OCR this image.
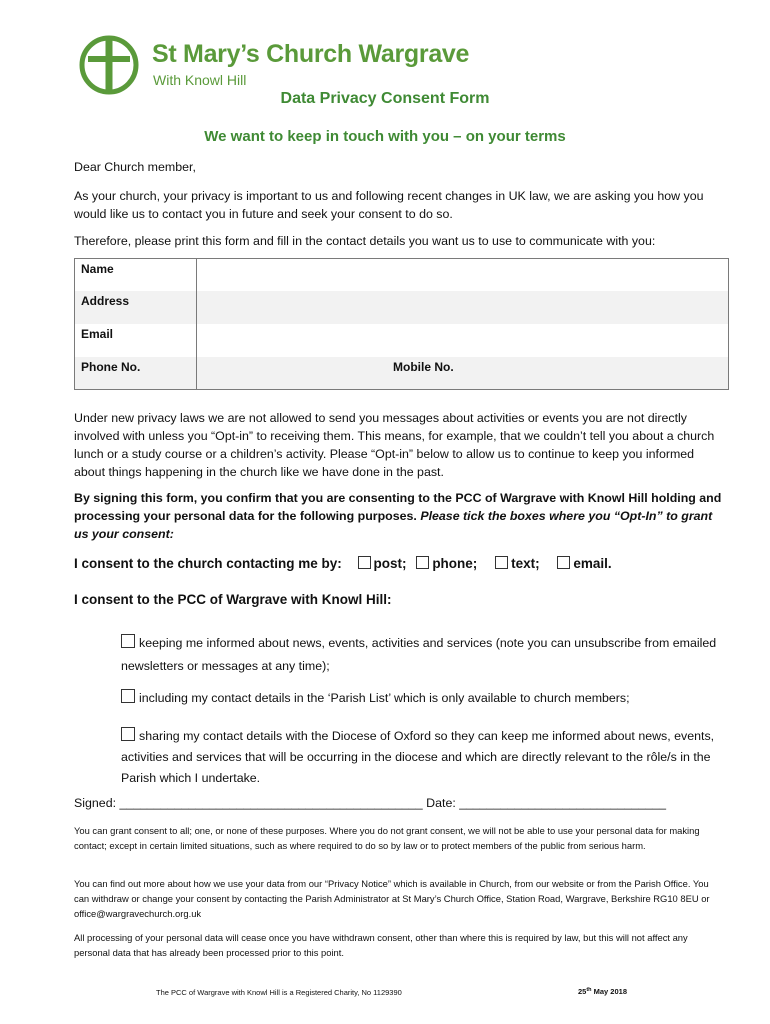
St Mary’s Church Wargrave
With Knowl Hill
Data Privacy Consent Form
We want to keep in touch with you – on your terms
Dear Church member,
As your church, your privacy is important to us and following recent changes in UK law, we are asking you how you would like us to contact you in future and seek your consent to do so.
Therefore, please print this form and fill in the contact details you want us to use to communicate with you:
Name	
Address	
Email	
Phone No.	Mobile No.
Under new privacy laws we are not allowed to send you messages about activities or events you are not directly involved with unless you “Opt-in” to receiving them. This means, for example, that we couldn’t tell you about a church lunch or a study course or a children’s activity. Please “Opt-in” below to allow us to continue to keep you informed about things happening in the church like we have done in the past.
By signing this form, you confirm that you are consenting to the PCC of Wargrave with Knowl Hill holding and processing your personal data for the following purposes. Please tick the boxes where you “Opt-In” to grant us your consent:
I consent to the church contacting me by: post; phone;	text;	email.
I consent to the PCC of Wargrave with Knowl Hill:
keeping me informed about news, events, activities and services (note you can unsubscribe from emailed newsletters or messages at any time);
including my contact details in the ‘Parish List’ which is only available to church members;
sharing my contact details with the Diocese of Oxford so they can keep me informed about news, events, activities and services that will be occurring in the diocese and which are directly relevant to the rôle/s in the Parish which I undertake.
Signed: ____________________________________________ Date: ______________________________
You can grant consent to all; one, or none of these purposes. Where you do not grant consent, we will not be able to use your personal data for making contact; except in certain limited situations, such as where required to do so by law or to protect members of the public from serious harm.
You can find out more about how we use your data from our “Privacy Notice” which is available in Church, from our website or from the Parish Office. You can withdraw or change your consent by contacting the Parish Administrator at St Mary’s Church Office, Station Road, Wargrave, Berkshire RG10 8EU or office@wargravechurch.org.uk
All processing of your personal data will cease once you have withdrawn consent, other than where this is required by law, but this will not affect any personal data that has already been processed prior to this point.
The PCC of Wargrave with Knowl Hill is a Registered Charity, No 1129390	25th May 2018
